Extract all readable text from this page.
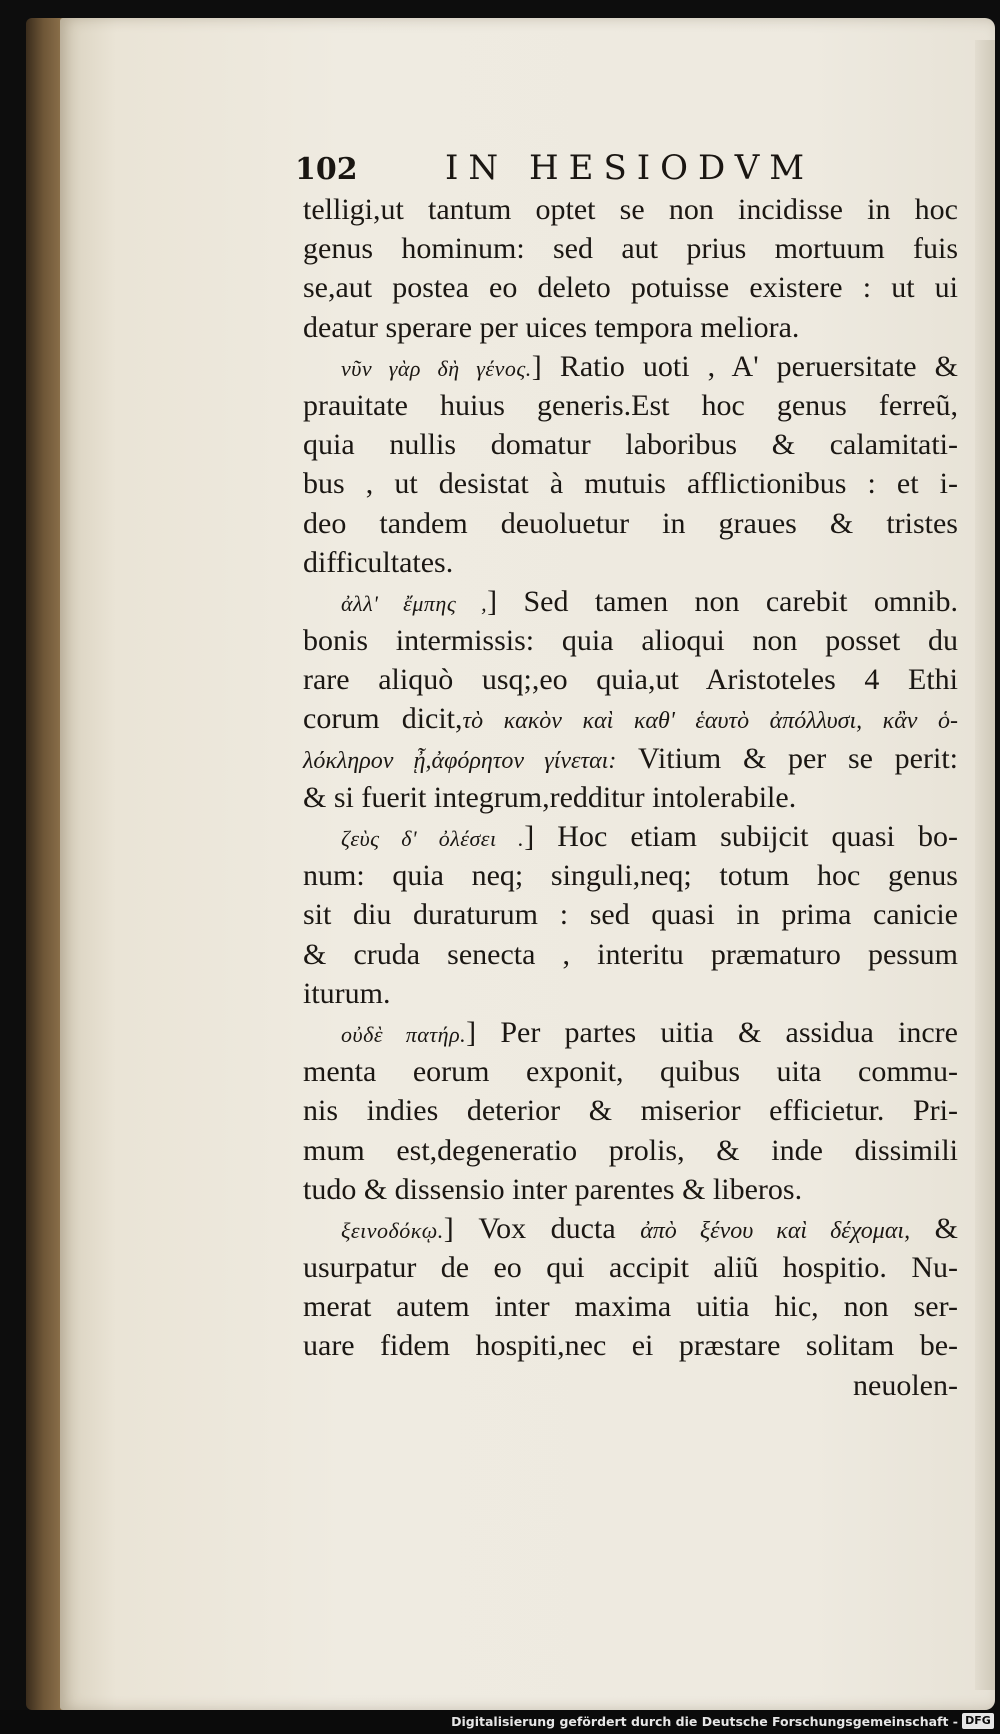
102	IN HESIODVM
telligi,ut tantum optet se non incidisse in hoc
genus hominum: sed aut prius mortuum fuis
se,aut postea eo deleto potuisse existere : ut ui
deatur sperare per uices tempora meliora.
νῦν γὰρ δὴ γένος.] Ratio uoti , A' peruersitate &
prauitate huius generis.Est hoc genus ferreũ,
quia nullis domatur laboribus & calamitati-
bus , ut desistat à mutuis afflictionibus : et i-
deo tandem deuoluetur in graues & tristes
difficultates.
ἀλλ' ἔμπης ,] Sed tamen non carebit omnib.
bonis intermissis: quia alioqui non posset du
rare aliquò usq;,eo quia,ut Aristoteles 4 Ethi
corum dicit,τὸ κακὸν καὶ καθ' ἑαυτὸ ἀπόλλυσι, κἂν ὁ-
λόκληρον ᾖ,ἀφόρητον γίνεται: Vitium & per se perit:
& si fuerit integrum,redditur intolerabile.
ζεὺς δ' ὀλέσει .] Hoc etiam subijcit quasi bo-
num: quia neq; singuli,neq; totum hoc genus
sit diu duraturum : sed quasi in prima canicie
& cruda senecta , interitu præmaturo pessum
iturum.
οὐδὲ πατήρ.] Per partes uitia & assidua incre
menta eorum exponit, quibus uita commu-
nis indies deterior & miserior efficietur. Pri-
mum est,degeneratio prolis, & inde dissimili
tudo & dissensio inter parentes & liberos.
ξεινοδόκῳ.] Vox ducta ἀπὸ ξένου καὶ δέχομαι, &
usurpatur de eo qui accipit aliũ hospitio. Nu-
merat autem inter maxima uitia hic, non ser-
uare fidem hospiti,nec ei præstare solitam be-
neuolen-
Digitalisierung gefördert durch die Deutsche Forschungsgemeinschaft - DFG
